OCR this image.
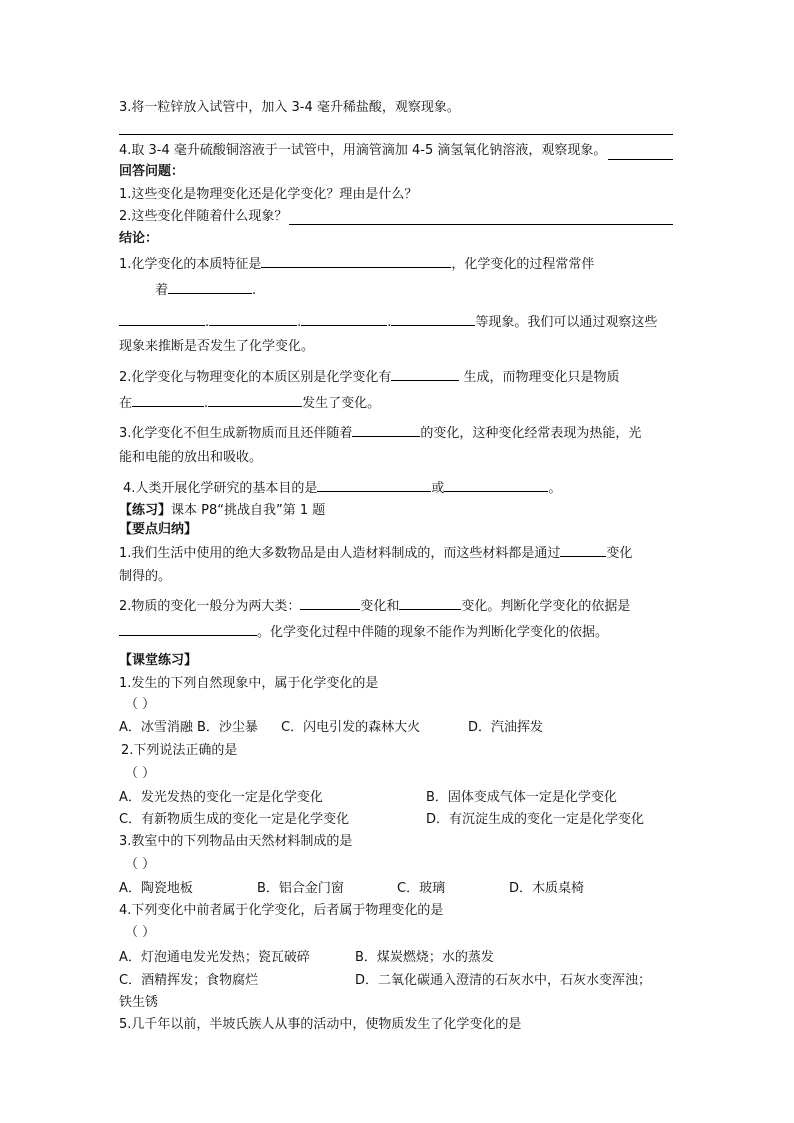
3.将一粒锌放入试管中，加入 3-4 毫升稀盐酸，观察现象。

4.取 3-4 毫升硫酸铜溶液于一试管中，用滴管滴加 4-5 滴氢氧化钠溶液，观察现象。

回答问题：

1.这些变化是物理变化还是化学变化？理由是什么？

2.这些变化伴随着什么现象？

结论：

1.化学变化的本质特征是	，化学变化的过程常常伴

着	.

.	.	.	等现象。我们可以通过观察这些

现象来推断是否发生了化学变化。

2.化学变化与物理变化的本质区别是化学变化有	生成，而物理变化只是物质

在	.	发生了变化。

3.化学变化不但生成新物质而且还伴随着	的变化，这种变化经常表现为热能，光

能和电能的放出和吸收。

4.人类开展化学研究的基本目的是	或	。

【练习】课本 P8“挑战自我”第 1 题

【要点归纳】

1.我们生活中使用的绝大多数物品是由人造材料制成的，而这些材料都是通过	变化

制得的。

2.物质的变化一般分为两大类：	变化和	变化。判断化学变化的依据是

。化学变化过程中伴随的现象不能作为判断化学变化的依据。

【课堂练习】

1.发生的下列自然现象中，属于化学变化的是

（ ）

A．冰雪消融 B．沙尘暴	C．闪电引发的森林大火	D．汽油挥发

2.下列说法正确的是

（ ）

A．发光发热的变化一定是化学变化	B．固体变成气体一定是化学变化
C．有新物质生成的变化一定是化学变化	D．有沉淀生成的变化一定是化学变化

3.教室中的下列物品由天然材料制成的是

（ ）

A．陶瓷地板	B．铝合金门窗	C．玻璃	D．木质桌椅

4.下列变化中前者属于化学变化，后者属于物理变化的是

（ ）

A．灯泡通电发光发热；瓷瓦破碎	B．煤炭燃烧；水的蒸发
C．酒精挥发；食物腐烂	D．二氧化碳通入澄清的石灰水中，石灰水变浑浊；

铁生锈

5.几千年以前，半坡氏族人从事的活动中，使物质发生了化学变化的是
